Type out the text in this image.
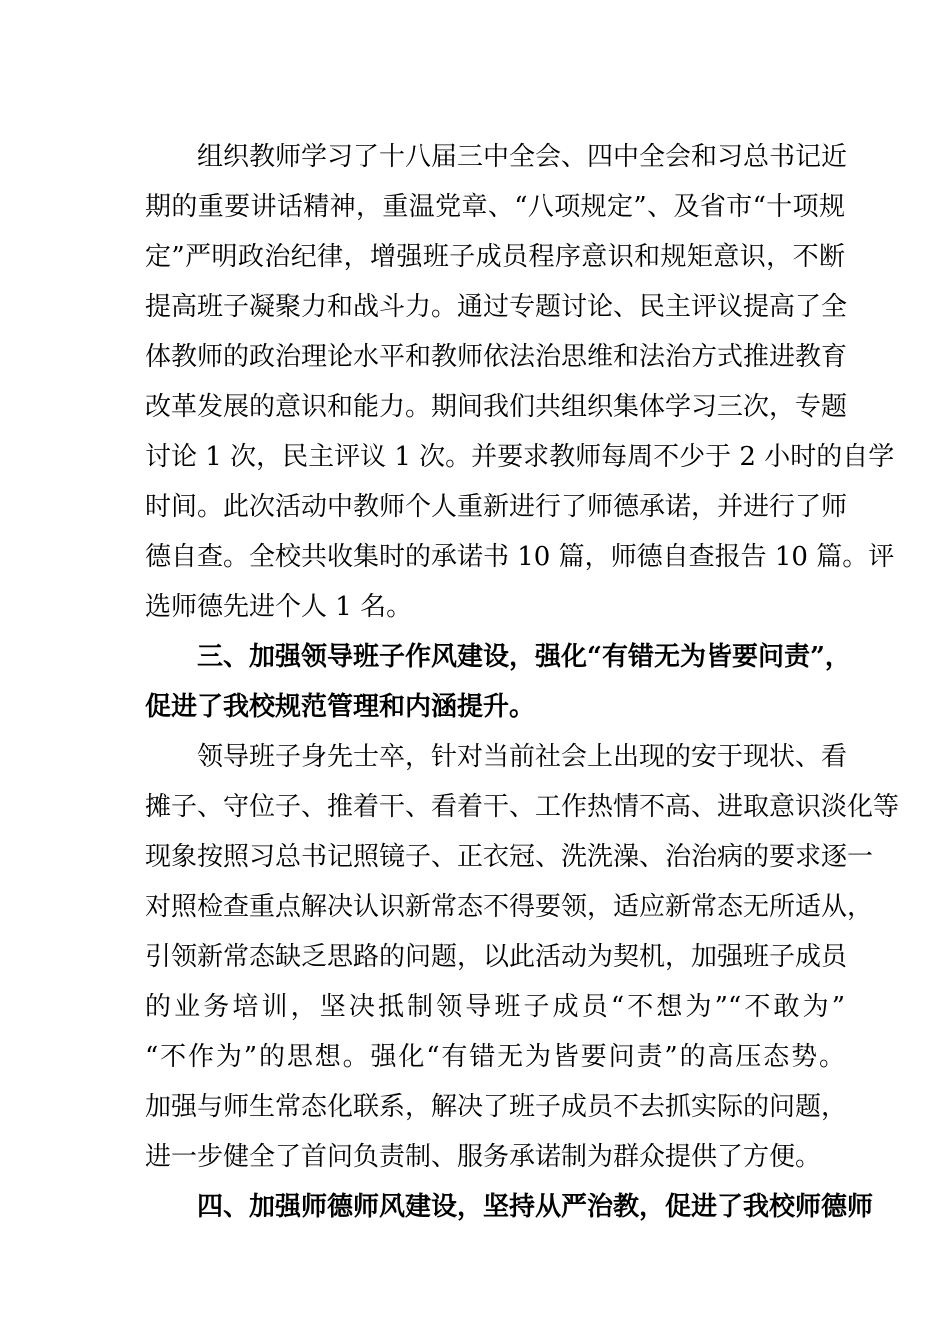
组织教师学习了十八届三中全会、四中全会和习总书记近
期的重要讲话精神，重温党章、“八项规定”、及省市“十项规
定”严明政治纪律，增强班子成员程序意识和规矩意识，不断
提高班子凝聚力和战斗力。通过专题讨论、民主评议提高了全
体教师的政治理论水平和教师依法治思维和法治方式推进教育
改革发展的意识和能力。期间我们共组织集体学习三次，专题
讨论 1 次，民主评议 1 次。并要求教师每周不少于 2 小时的自学
时间。此次活动中教师个人重新进行了师德承诺，并进行了师
德自查。全校共收集时的承诺书 10 篇，师德自查报告 10 篇。评
选师德先进个人 1 名。
三、加强领导班子作风建设，强化“有错无为皆要问责”，
促进了我校规范管理和内涵提升。
领导班子身先士卒，针对当前社会上出现的安于现状、看
摊子、守位子、推着干、看着干、工作热情不高、进取意识淡化等
现象按照习总书记照镜子、正衣冠、洗洗澡、治治病的要求逐一
对照检查重点解决认识新常态不得要领，适应新常态无所适从，
引领新常态缺乏思路的问题，以此活动为契机，加强班子成员
的业务培训，坚决抵制领导班子成员“不想为”“不敢为”
“不作为”的思想。强化“有错无为皆要问责”的高压态势。
加强与师生常态化联系，解决了班子成员不去抓实际的问题，
进一步健全了首问负责制、服务承诺制为群众提供了方便。
四、加强师德师风建设，坚持从严治教，促进了我校师德师
